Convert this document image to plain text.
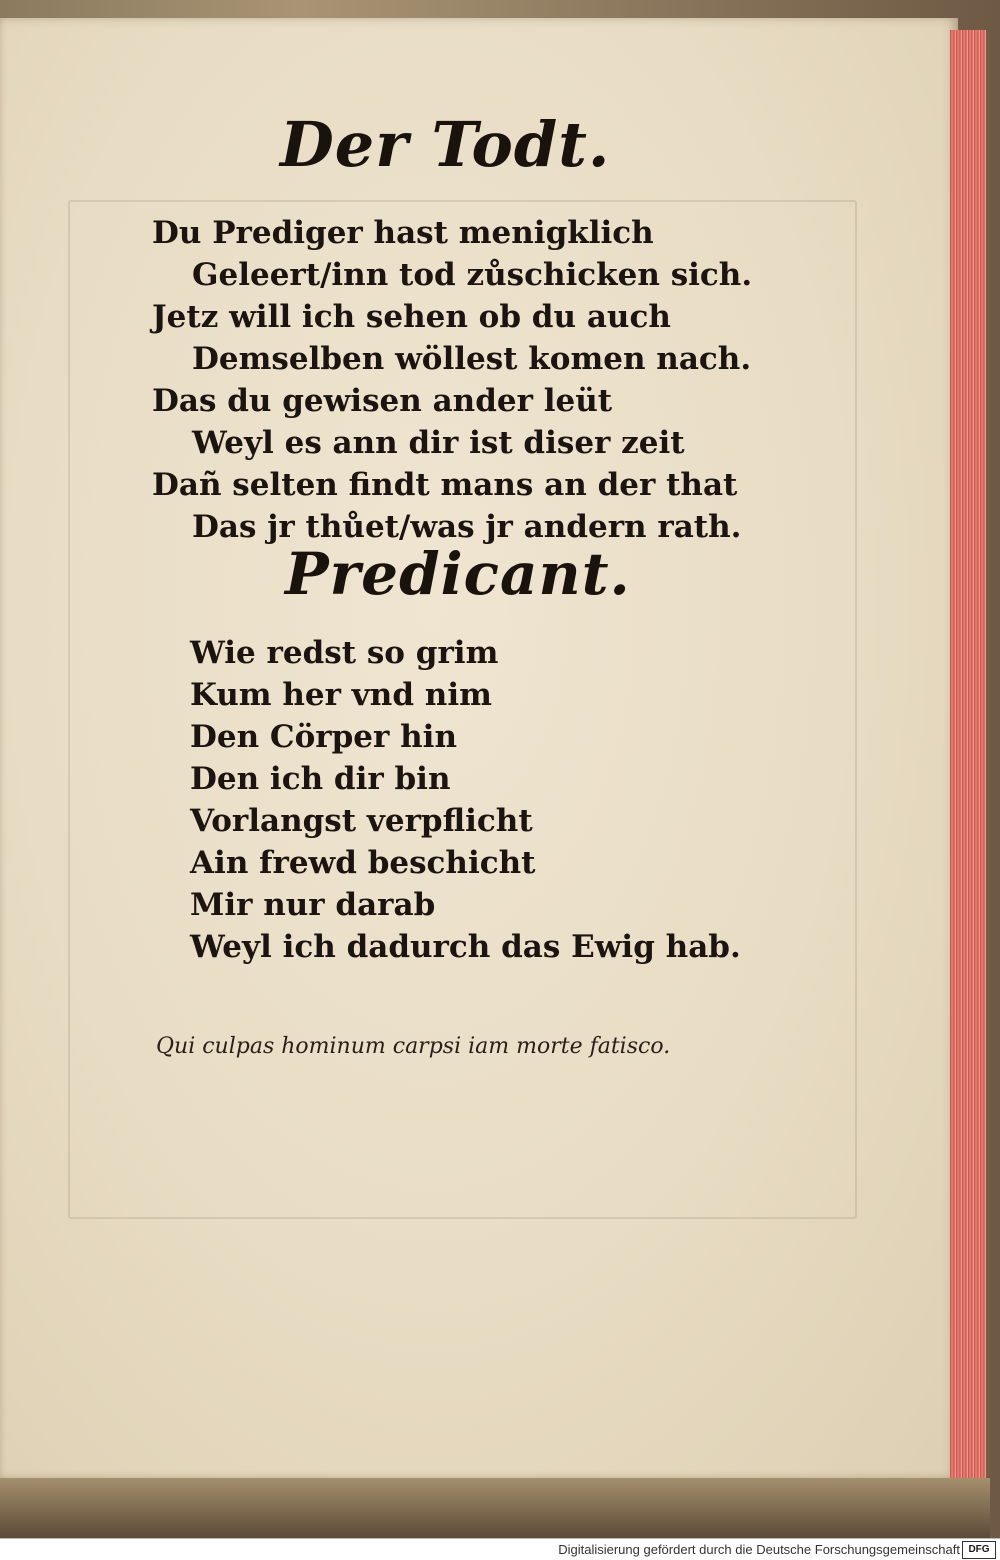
Der Todt.
Du Prediger hast menigklich
Geleert/inn tod zůschicken sich.
Jetz will ich sehen ob du auch
Demselben wöllest komen nach.
Das du gewisen ander leüt
Weyl es ann dir ist diser zeit
Dañ selten findt mans an der that
Das jr thůet/was jr andern rath.
Predicant.
Wie redst so grim
Kum her vnd nim
Den Cörper hin
Den ich dir bin
Vorlangst verpflicht
Ain frewd beschicht
Mir nur darab
Weyl ich dadurch das Ewig hab.
Qui culpas hominum carpsi iam morte fatisco.
Digitalisierung gefördert durch die Deutsche Forschungsgemeinschaft DFG
